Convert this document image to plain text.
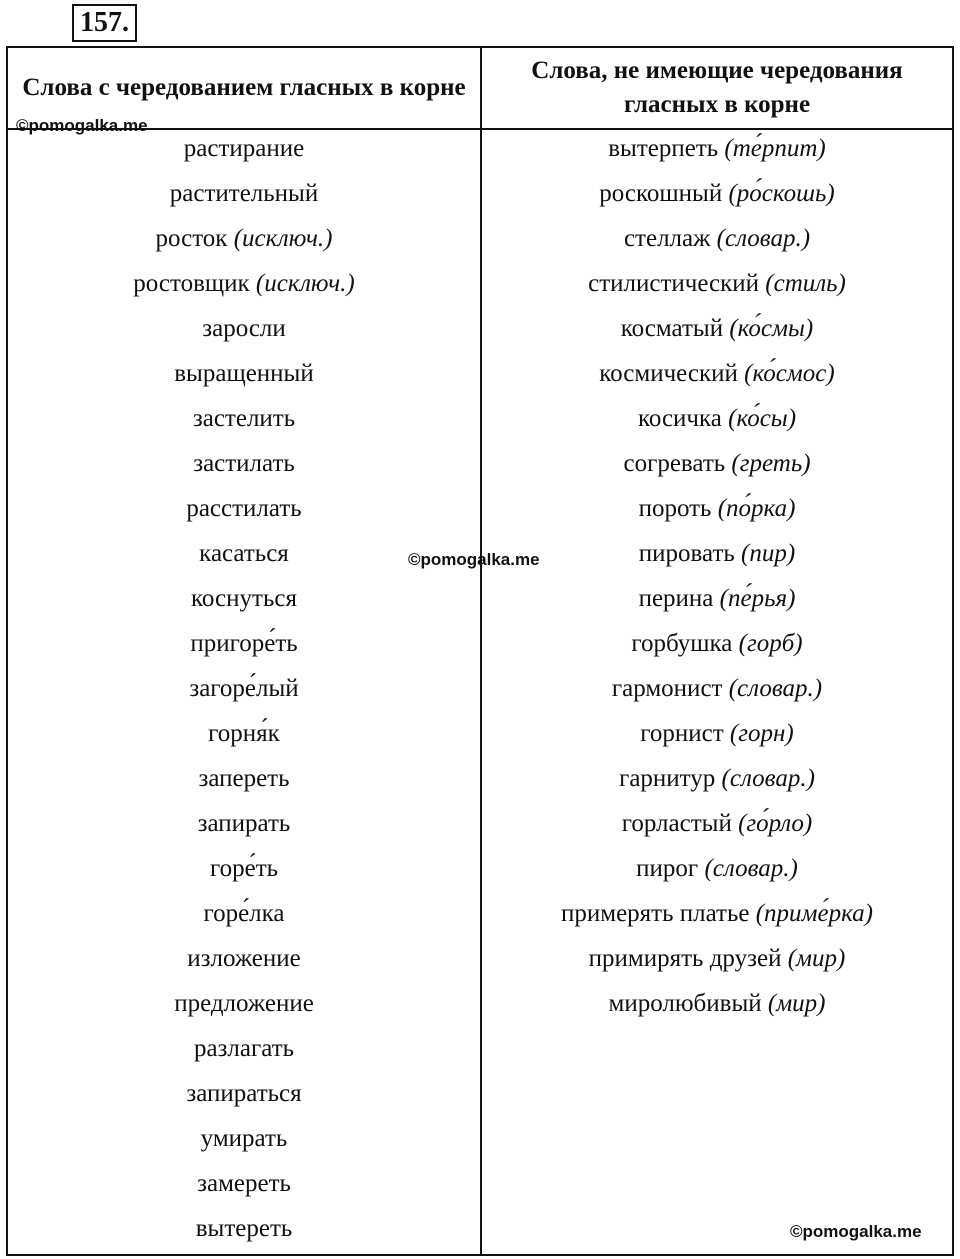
157.
Слова с чередованием гласных в корне
Слова, не имеющие чередования гласных в корне
растирание
растительный
росток (исключ.)
ростовщик (исключ.)
заросли
выращенный
застелить
застилать
расстилать
касаться
коснуться
пригоре́ть
загоре́лый
горня́к
запереть
запирать
горе́ть
горе́лка
изложение
предложение
разлагать
запираться
умирать
замереть
вытереть
вытерпеть (те́рпит)
роскошный (ро́скошь)
стеллаж (словар.)
стилистический (стиль)
косматый (ко́смы)
космический (ко́смос)
косичка (ко́сы)
согревать (греть)
пороть (по́рка)
пировать (пир)
перина (пе́рья)
горбушка (горб)
гармонист (словар.)
горнист (горн)
гарнитур (словар.)
горластый (го́рло)
пирог (словар.)
примерять платье (приме́рка)
примирять друзей (мир)
миролюбивый (мир)
©pomogalka.me
©pomogalka.me
©pomogalka.me
